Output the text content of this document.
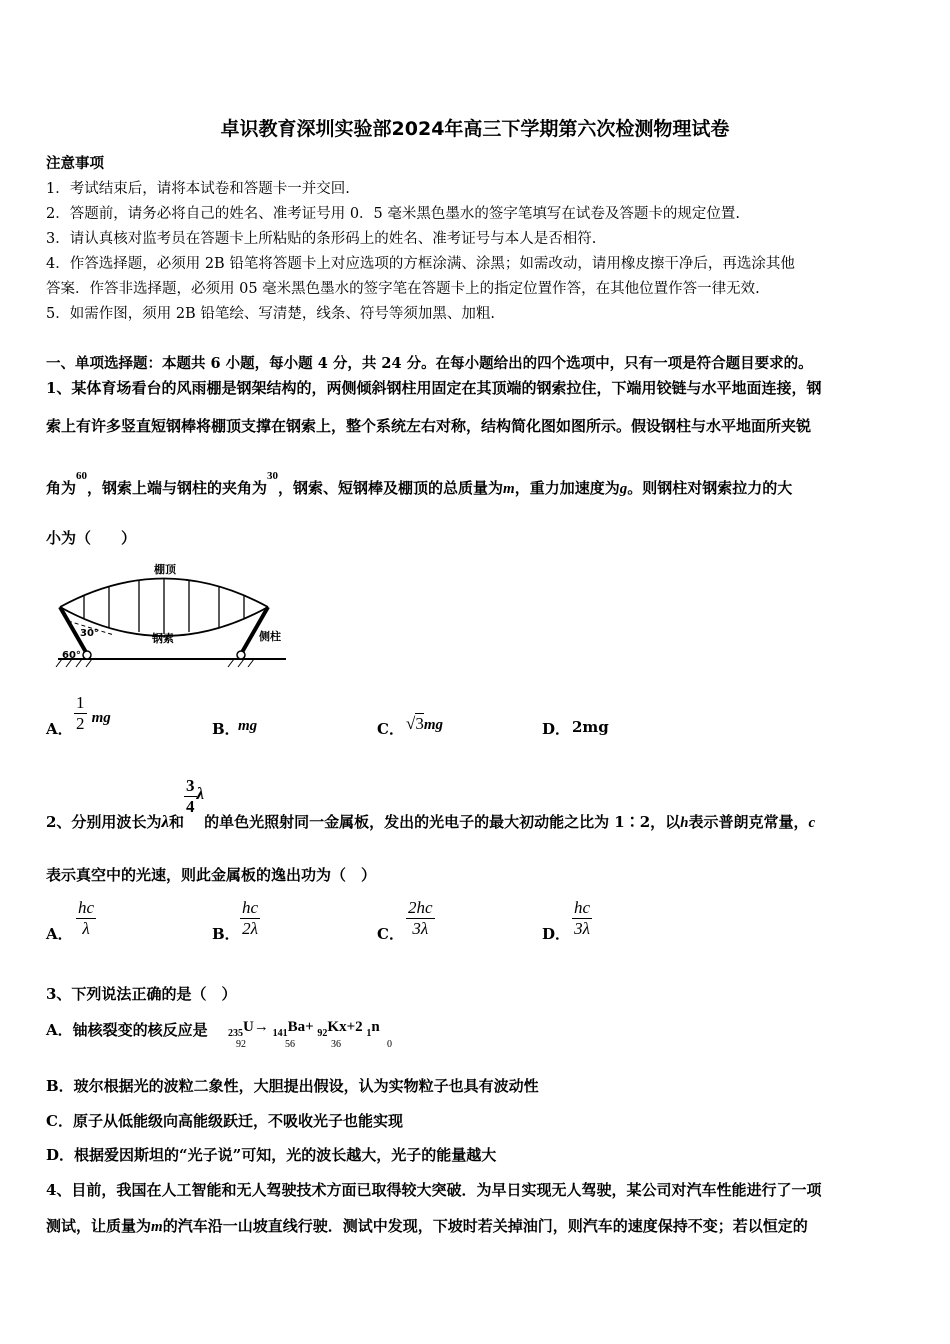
卓识教育深圳实验部2024年高三下学期第六次检测物理试卷
注意事项
1．考试结束后，请将本试卷和答题卡一并交回.
2．答题前，请务必将自己的姓名、准考证号用 0．5 毫米黑色墨水的签字笔填写在试卷及答题卡的规定位置.
3．请认真核对监考员在答题卡上所粘贴的条形码上的姓名、准考证号与本人是否相符.
4．作答选择题，必须用 2B 铅笔将答题卡上对应选项的方框涂满、涂黑；如需改动，请用橡皮擦干净后，再选涂其他
答案．作答非选择题，必须用 05 毫米黑色墨水的签字笔在答题卡上的指定位置作答，在其他位置作答一律无效.
5．如需作图，须用 2B 铅笔绘、写清楚，线条、符号等须加黑、加粗.
一、单项选择题：本题共 6 小题，每小题 4 分，共 24 分。在每小题给出的四个选项中，只有一项是符合题目要求的。
1、某体育场看台的风雨棚是钢架结构的，两侧倾斜钢柱用固定在其顶端的钢索拉住，下端用铰链与水平地面连接，钢
索上有许多竖直短钢棒将棚顶支撑在钢索上，整个系统左右对称，结构简化图如图所示。假设钢柱与水平地面所夹锐
角为$^{60}$，钢索上端与钢柱的夹角为$^{30}$，钢索、短钢棒及棚顶的总质量为m，重力加速度为g。则钢柱对钢索拉力的大
小为（　　）
棚顶
钢索	侧柱
30°
60°
A． $\frac{1}{2}$ mg
B．
mg	C． √3mg	D． 2mg
2、分别用波长为λ和
$\frac{3}{4}$ λ的单色光照射同一金属板，发出的光电子的最大初动能之比为 1∶2，以h表示普朗克常量，c
表示真空中的光速，则此金属板的逸出功为（　）
A． $\frac{hc}{\lambda}$	B． $\frac{hc}{2\lambda}$	C． $\frac{2hc}{3\lambda}$	D． $\frac{hc}{3\lambda}$
3、下列说法正确的是（　）
A．铀核裂变的核反应是 $_{235}$U→ $_{141}$Ba+ $_{92}$Kx+2 $_1$n
92	56	36	0
B．玻尔根据光的波粒二象性，大胆提出假设，认为实物粒子也具有波动性
C．原子从低能级向高能级跃迁，不吸收光子也能实现
D．根据爱因斯坦的“光子说”可知，光的波长越大，光子的能量越大
4、目前，我国在人工智能和无人驾驶技术方面已取得较大突破．为早日实现无人驾驶，某公司对汽车性能进行了一项
测试，让质量为m的汽车沿一山坡直线行驶．测试中发现，下坡时若关掉油门，则汽车的速度保持不变；若以恒定的
